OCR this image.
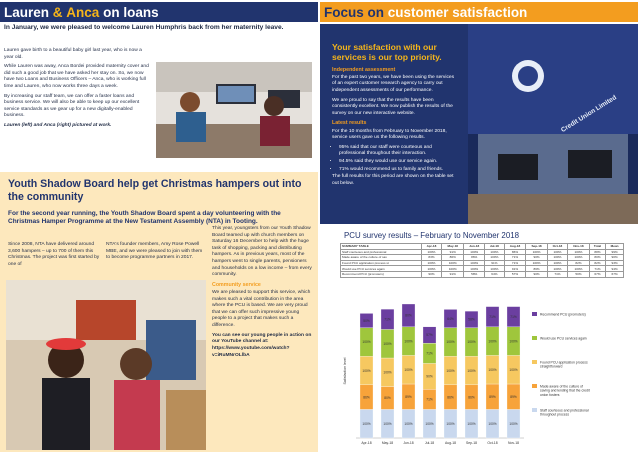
Lauren
&
Anca
on loans
In January, we were pleased to welcome Lauren Humphris back from her maternity leave.

Lauren gave birth to a beautiful baby girl last year, who is now a year old.

While Lauren was away, Anca Bordei provided maternity cover and did such a good job that we have asked her stay on. So, we now have two Loans and Business Officers – Anca, who is working full time and Lauren, who now works three days a week.

By increasing our staff team, we can offer a faster loans and business service. We will also be able to keep up our excellent service standards as we gear up for a new digitally-enabled business.

Lauren (left) and Anca (right) pictured at work.

Youth Shadow Board help get Christmas hampers out into the community
For the second year running, the Youth Shadow Board spent a day volunteering with the Christmas Hamper Programme at the New Testament Assembly (NTA) in Tooting.
Since 2008, NTA have delivered around 3,600 hampers – up to 700 of them this Christmas. The project was first started by one of
NTA's founder members, Amy Rose Powell MBE, and we were pleased to join with them to become programme partners in 2017.

This year, youngsters from our Youth Shadow Board teamed up with church members on Saturday 16 December to help with the huge task of shopping, packing and distributing hampers. As in previous years, most of the hampers went to single parents, pensioners and households on a low income – from every community.

Community service

We are pleased to support this service, which makes such a vital contribution in the area where the PCU is based. We are very proud that we can offer such impressive young people to a project that makes such a difference.

You can see our young people in action on our YouTube channel at: https://www.youtube.com/watch?v=iRuMNrOLlbA

Focus on
customer satisfaction
Your satisfaction with our services is our top priority.
Independent assessment

For the past two years, we have been using the services of an expert customer research agency to carry out independent assessments of our performance.

We are proud to say that the results have been consistently excellent. We now publish the results of the survey on our new interactive website.

Latest results

For the 10 months from February to November 2018, service users gave us the following results.

• 95% said that our staff were courteous and professional throughout their interaction.
• 94.5% said they would use our service again.
• 71% would recommend us to family and friends.

The full results for this period are shown on the table set out below.

Credit Union Limited
PCU survey results – February to November 2018
SUMMARY TABLE	Apr-18	May-18	Jun-18	Jul-18	Aug-18	Sep-18	Oct-18	Nov-18	Total	Mean
Staff courteous and professional	100%	91%	100%	100%	86%	100%	100%	100%	88%	99%
Made aware of the culture of sav	83%	86%	86%	100%	71%	90%	100%	100%	80%	90%
Found PCU application process st	100%	100%	100%	91%	71%	100%	100%	82%	82%	93%
Would use PCU services again	100%	100%	100%	100%	91%	86%	100%	100%	71%	94%
Recommend PCU (promoters)	90%	91%	58%	64%	57%	90%	71%	50%	67%	67%
Satisfaction level
100%
86%
100%
100%
50%
Apr-18
100%
80%
100%
100%
71%
May-18
100%
89%
100%
100%
80%
Jun-18
100%
71%
90%
71%
57%
Jul-18
100%
86%
100%
100%
64%
Aug-18
100%
86%
100%
100%
58%
Sep-18
100%
89%
100%
100%
71%
Oct-18
100%
89%
100%
100%
71%
Nov-18
Recommend PCU (promoters)
Would use PCU services again
Found PCU application process straightforward
Made aware of the culture of saving and lending that the credit union fosters
Staff courteous and professional throughout process
